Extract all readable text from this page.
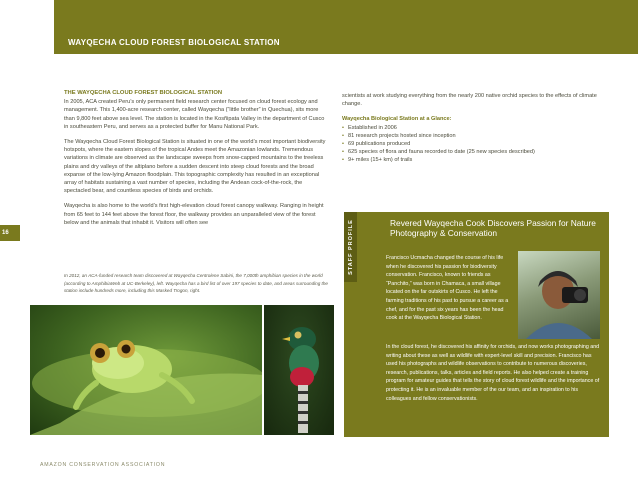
WAYQECHA CLOUD FOREST BIOLOGICAL STATION
16
THE WAYQECHA CLOUD FOREST BIOLOGICAL STATION

In 2005, ACA created Peru’s only permanent field research center focused on cloud forest ecology and management. This 1,400-acre research center, called Wayqecha (“little brother” in Quechua), sits more than 9,800 feet above sea level. The station is located in the Kosñipata Valley in the department of Cusco in southeastern Peru, and serves as a protected buffer for Manu National Park.

The Wayqecha Cloud Forest Biological Station is situated in one of the world’s most important biodiversity hotspots, where the eastern slopes of the tropical Andes meet the Amazonian lowlands. Tremendous variations in climate are observed as the landscape sweeps from snow-capped mountains to the treeless plains and dry valleys of the altiplano before a sudden descent into steep cloud forests and the broad expanse of the low-lying Amazon floodplain. This topographic complexity has resulted in an exceptional array of habitats sustaining a vast number of species, including the Andean cock-of-the-rock, the spectacled bear, and countless species of birds and orchids.

Wayqecha is also home to the world’s first high-elevation cloud forest canopy walkway. Ranging in height from 65 feet to 144 feet above the forest floor, the walkway provides an unparalleled view of the forest below and the animals that inhabit it. Visitors will often see

In 2012, an ACA-funded research team discovered at Wayqecha Centrolene Sabini, the 7,000th amphibian species in the world (according to AmphibiaWeb at UC-Berkeley), left. Wayqecha has a bird list of over 197 species to date, and areas surrounding the station include hundreds more, including this Masked Trogon, right.

scientists at work studying everything from the nearly 200 native orchid species to the effects of climate change.

Wayqecha Biological Station at a Glance:
• Established in 2006
• 81 research projects hosted since inception
• 69 publications produced
• 625 species of flora and fauna recorded to date (25 new species described)
• 9+ miles (15+ km) of trails
STAFF PROFILE	Revered Wayqecha Cook Discovers Passion for Nature Photography & Conservation
Francisco Ucmacha changed the course of his life when he discovered his passion for biodiversity conservation. Francisco, known to friends as “Panchito,” was born in Chamaca, a small village located on the far outskirts of Cusco. He left the farming traditions of his past to pursue a career as a chef, and for the past six years has been the head cook at the Wayqecha Biological Station.
In the cloud forest, he discovered his affinity for orchids, and now works photographing and writing about these as well as wildlife with expert-level skill and precision. Francisco has used his photographs and wildlife observations to contribute to numerous discoveries, research, publications, talks, articles and field reports. He also helped create a training program for amateur guides that tells the story of cloud forest wildlife and the importance of protecting it. He is an invaluable member of the our team, and an inspiration to his colleagues and fellow conservationists.
AMAZON CONSERVATION ASSOCIATION
